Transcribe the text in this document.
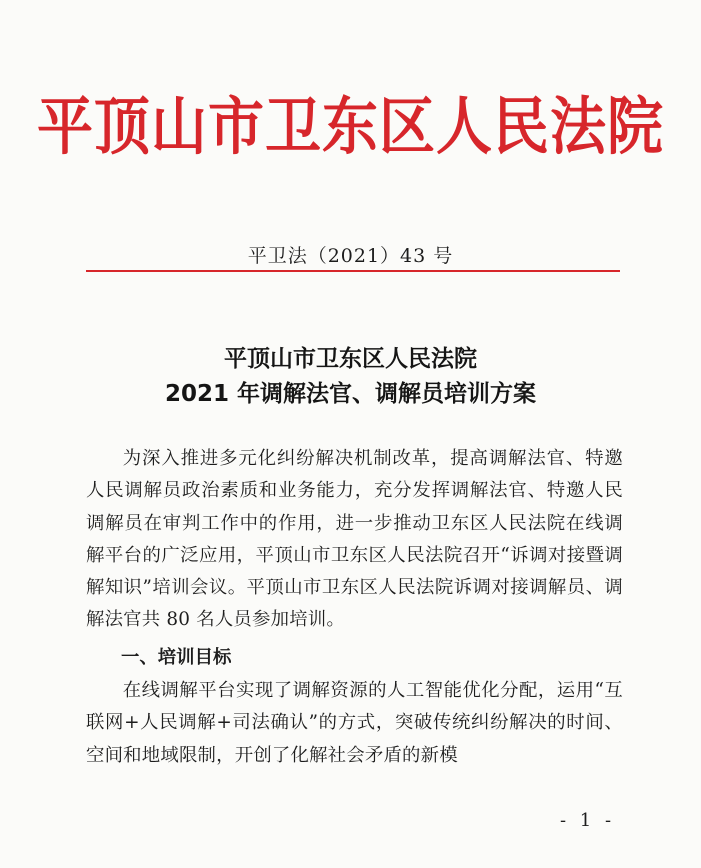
平顶山市卫东区人民法院
平卫法（2021）43 号
平顶山市卫东区人民法院
2021 年调解法官、调解员培训方案

为深入推进多元化纠纷解决机制改革，提高调解法官、特邀人民调解员政治素质和业务能力，充分发挥调解法官、特邀人民调解员在审判工作中的作用，进一步推动卫东区人民法院在线调解平台的广泛应用，平顶山市卫东区人民法院召开“诉调对接暨调解知识”培训会议。平顶山市卫东区人民法院诉调对接调解员、调解法官共 80 名人员参加培训。

一、培训目标

在线调解平台实现了调解资源的人工智能优化分配，运用“互联网+人民调解+司法确认”的方式，突破传统纠纷解决的时间、空间和地域限制，开创了化解社会矛盾的新模

- 1 -
